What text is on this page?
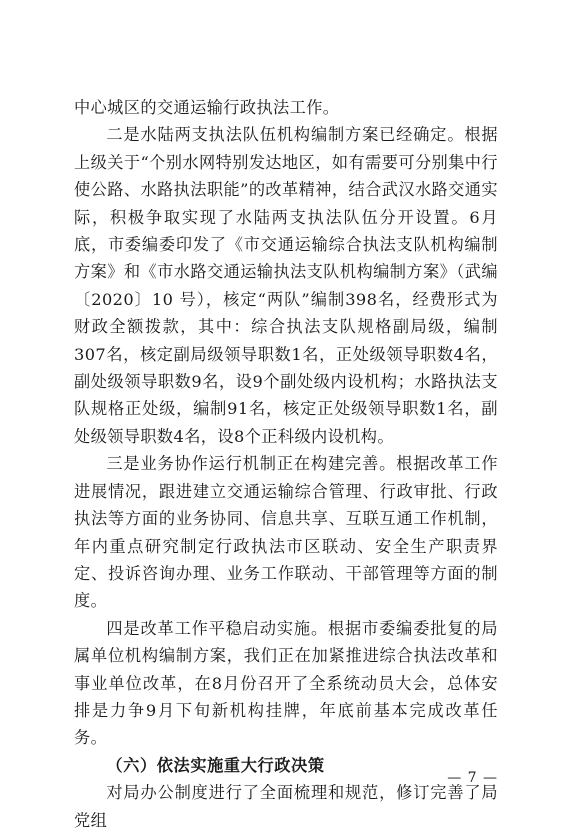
中心城区的交通运输行政执法工作。

二是水陆两支执法队伍机构编制方案已经确定。根据上级关于“个别水网特别发达地区，如有需要可分别集中行使公路、水路执法职能”的改革精神，结合武汉水路交通实际，积极争取实现了水陆两支执法队伍分开设置。6月底，市委编委印发了《市交通运输综合执法支队机构编制方案》和《市水路交通运输执法支队机构编制方案》（武编〔2020〕10 号），核定“两队”编制398名，经费形式为财政全额拨款，其中：综合执法支队规格副局级，编制307名，核定副局级领导职数1名，正处级领导职数4名，副处级领导职数9名，设9个副处级内设机构；水路执法支队规格正处级，编制91名，核定正处级领导职数1名，副处级领导职数4名，设8个正科级内设机构。

三是业务协作运行机制正在构建完善。根据改革工作进展情况，跟进建立交通运输综合管理、行政审批、行政执法等方面的业务协同、信息共享、互联互通工作机制，年内重点研究制定行政执法市区联动、安全生产职责界定、投诉咨询办理、业务工作联动、干部管理等方面的制度。

四是改革工作平稳启动实施。根据市委编委批复的局属单位机构编制方案，我们正在加紧推进综合执法改革和事业单位改革，在8月份召开了全系统动员大会，总体安排是力争9月下旬新机构挂牌，年底前基本完成改革任务。

（六）依法实施重大行政决策

对局办公制度进行了全面梳理和规范，修订完善了局党组

— 7 —
